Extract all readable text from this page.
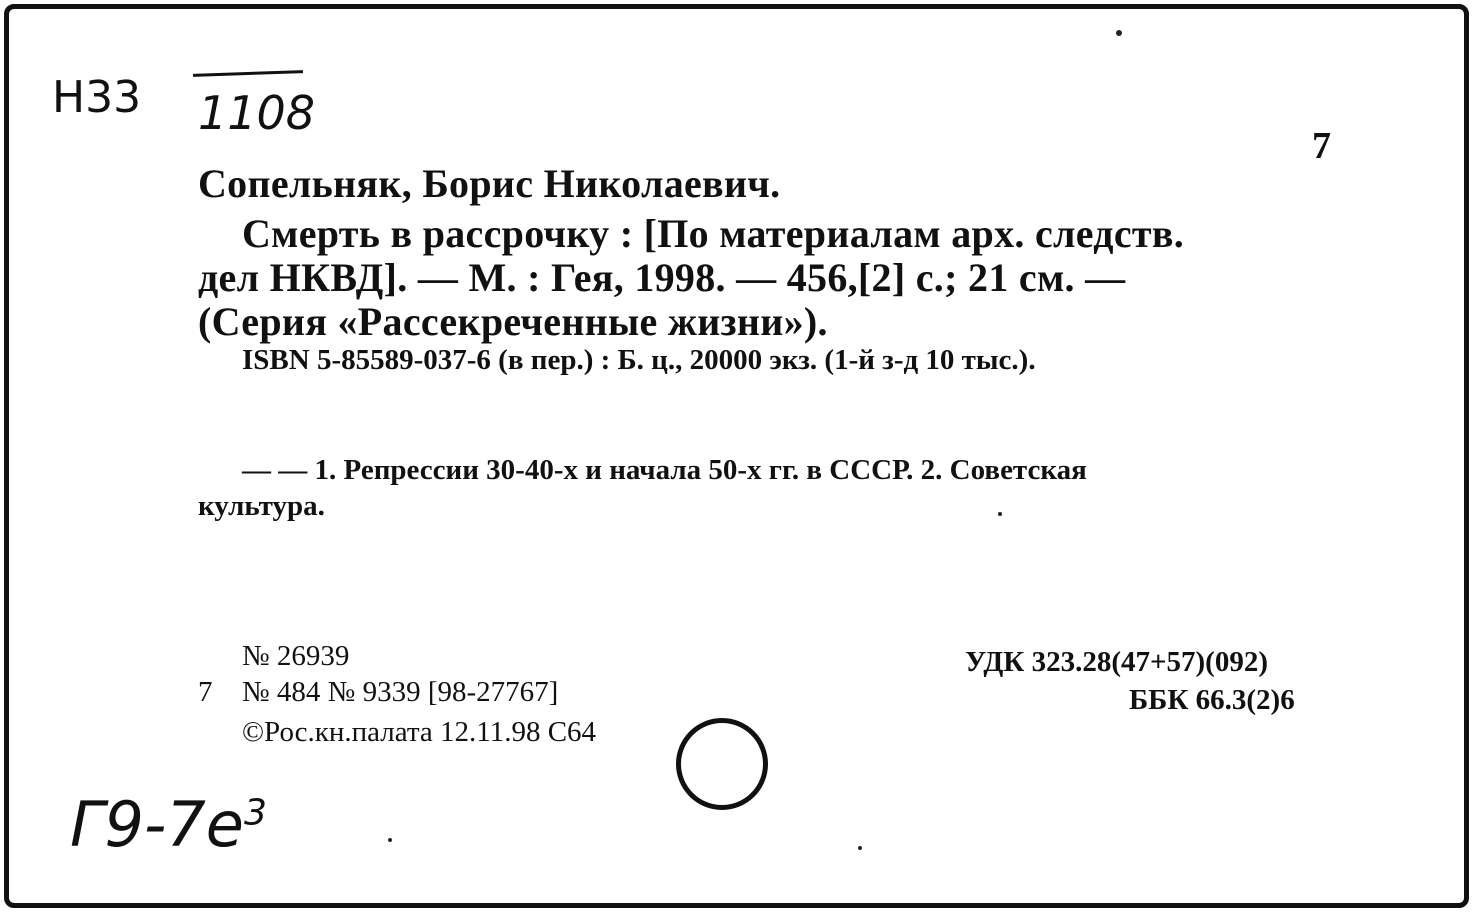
Н33 1108
7
Сопельняк, Борис Николаевич.
Смерть в рассрочку : [По материалам арх. следств.
дел НКВД]. — М. : Гея, 1998. — 456,[2] с.; 21 см. —
(Серия «Рассекреченные жизни»).
ISBN 5-85589-037-6 (в пер.) : Б. ц., 20000 экз. (1-й з-д 10 тыс.).
— — 1. Репрессии 30-40-х и начала 50-х гг. в СССР. 2. Советская
культура.
№ 26939
7 № 484 № 9339 [98-27767]
©Рос.кн.палата 12.11.98 С64
УДК 323.28(47+57)(092)
ББК 66.3(2)6
$Г9-7е^3$
